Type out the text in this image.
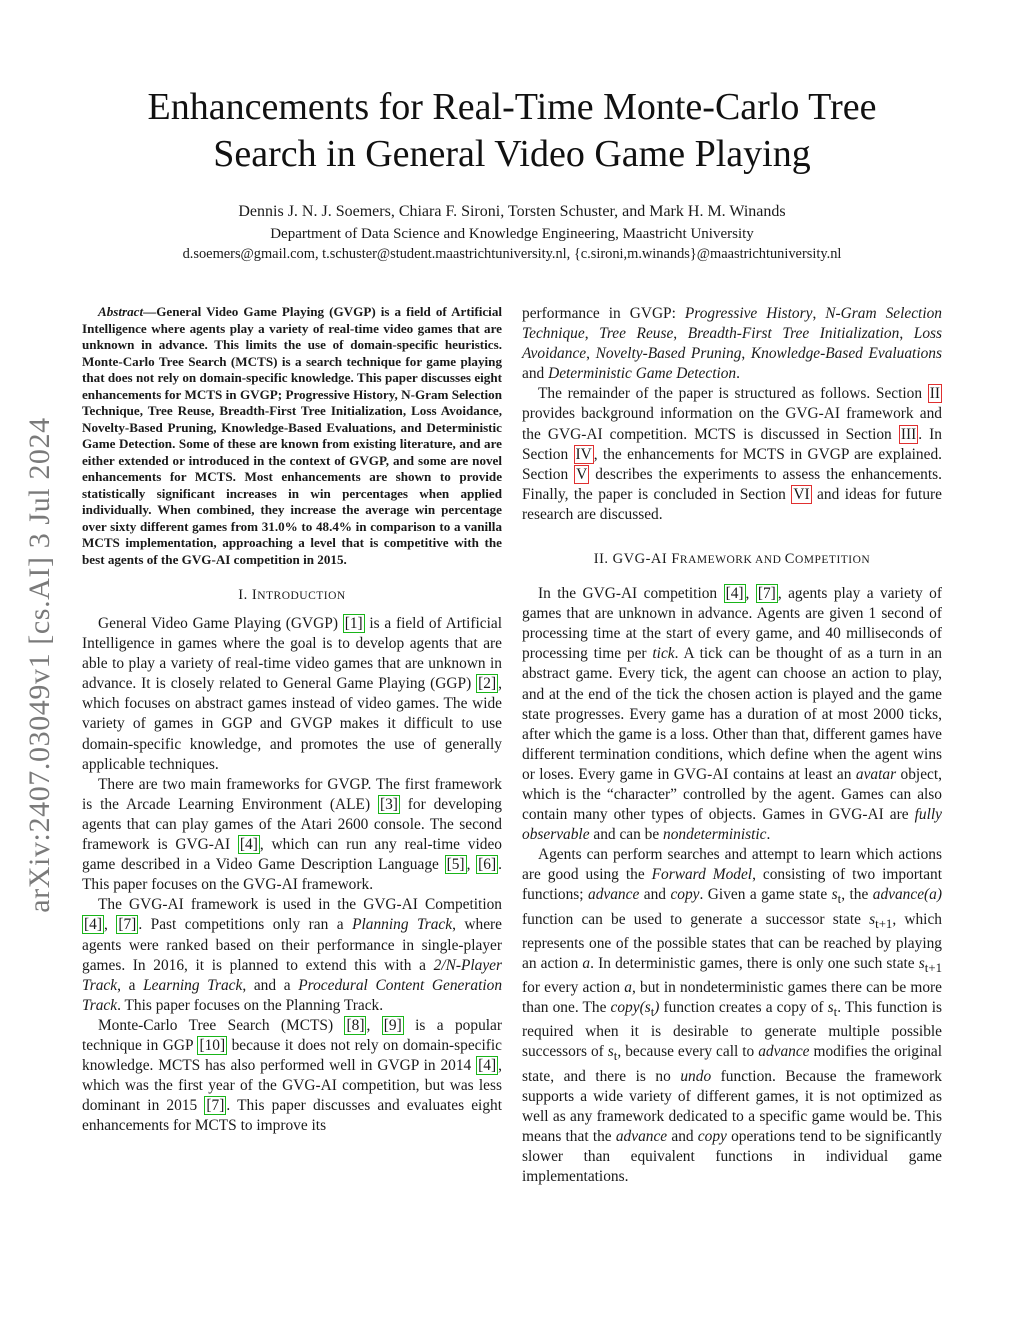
arXiv:2407.03049v1 [cs.AI] 3 Jul 2024
Enhancements for Real-Time Monte-Carlo Tree
Search in General Video Game Playing
Dennis J. N. J. Soemers, Chiara F. Sironi, Torsten Schuster, and Mark H. M. Winands
Department of Data Science and Knowledge Engineering, Maastricht University
d.soemers@gmail.com, t.schuster@student.maastrichtuniversity.nl, {c.sironi,m.winands}@maastrichtuniversity.nl

Abstract—General Video Game Playing (GVGP) is a field of Artificial Intelligence where agents play a variety of real-time video games that are unknown in advance. This limits the use of domain-specific heuristics. Monte-Carlo Tree Search (MCTS) is a search technique for game playing that does not rely on domain-specific knowledge. This paper discusses eight enhancements for MCTS in GVGP; Progressive History, N-Gram Selection Technique, Tree Reuse, Breadth-First Tree Initialization, Loss Avoidance, Novelty-Based Pruning, Knowledge-Based Evaluations, and Deterministic Game Detection. Some of these are known from existing literature, and are either extended or introduced in the context of GVGP, and some are novel enhancements for MCTS. Most enhancements are shown to provide statistically significant increases in win percentages when applied individually. When combined, they increase the average win percentage over sixty different games from 31.0% to 48.4% in comparison to a vanilla MCTS implementation, approaching a level that is competitive with the best agents of the GVG-AI competition in 2015.

I. INTRODUCTION

General Video Game Playing (GVGP) [1] is a field of Artificial Intelligence in games where the goal is to develop agents that are able to play a variety of real-time video games that are unknown in advance. It is closely related to General Game Playing (GGP) [2] , which focuses on abstract games instead of video games. The wide variety of games in GGP and GVGP makes it difficult to use domain-specific knowledge, and promotes the use of generally applicable techniques.

There are two main frameworks for GVGP. The first framework is the Arcade Learning Environment (ALE) [3] for developing agents that can play games of the Atari 2600 console. The second framework is GVG-AI [4] , which can run any real-time video game described in a Video Game Description Language [5] , [6] . This paper focuses on the GVG-AI framework.

The GVG-AI framework is used in the GVG-AI Competition [4] , [7] . Past competitions only ran a Planning Track, where agents were ranked based on their performance in single-player games. In 2016, it is planned to extend this with a 2/N-Player Track, a Learning Track, and a Procedural Content Generation Track. This paper focuses on the Planning Track.

Monte-Carlo Tree Search (MCTS) [8] , [9] is a popular technique in GGP [10] because it does not rely on domain-specific knowledge. MCTS has also performed well in GVGP in 2014 [4] , which was the first year of the GVG-AI competition, but was less dominant in 2015 [7] . This paper discusses and evaluates eight enhancements for MCTS to improve its

performance in GVGP: Progressive History, N-Gram Selection Technique, Tree Reuse, Breadth-First Tree Initialization, Loss Avoidance, Novelty-Based Pruning, Knowledge-Based Evaluations and Deterministic Game Detection.

The remainder of the paper is structured as follows. Section II provides background information on the GVG-AI framework and the GVG-AI competition. MCTS is discussed in Section III . In Section IV , the enhancements for MCTS in GVGP are explained. Section V describes the experiments to assess the enhancements. Finally, the paper is concluded in Section VI and ideas for future research are discussed.

II. GVG-AI FRAMEWORK AND COMPETITION

In the GVG-AI competition [4] , [7] , agents play a variety of games that are unknown in advance. Agents are given 1 second of processing time at the start of every game, and 40 milliseconds of processing time per tick. A tick can be thought of as a turn in an abstract game. Every tick, the agent can choose an action to play, and at the end of the tick the chosen action is played and the game state progresses. Every game has a duration of at most 2000 ticks, after which the game is a loss. Other than that, different games have different termination conditions, which define when the agent wins or loses. Every game in GVG-AI contains at least an avatar object, which is the “character” controlled by the agent. Games can also contain many other types of objects. Games in GVG-AI are fully observable and can be nondeterministic.

Agents can perform searches and attempt to learn which actions are good using the Forward Model, consisting of two important functions; advance and copy. Given a game state $s_t$, the advance(a) function can be used to generate a successor state $s_{t+1}$, which represents one of the possible states that can be reached by playing an action a. In deterministic games, there is only one such state $s_{t+1}$ for every action a, but in nondeterministic games there can be more than one. The $copy(s_t)$ function creates a copy of $s_t$. This function is required when it is desirable to generate multiple possible successors of $s_t$, because every call to advance modifies the original state, and there is no undo function. Because the framework supports a wide variety of different games, it is not optimized as well as any framework dedicated to a specific game would be. This means that the advance and copy operations tend to be significantly slower than equivalent functions in individual game implementations.
